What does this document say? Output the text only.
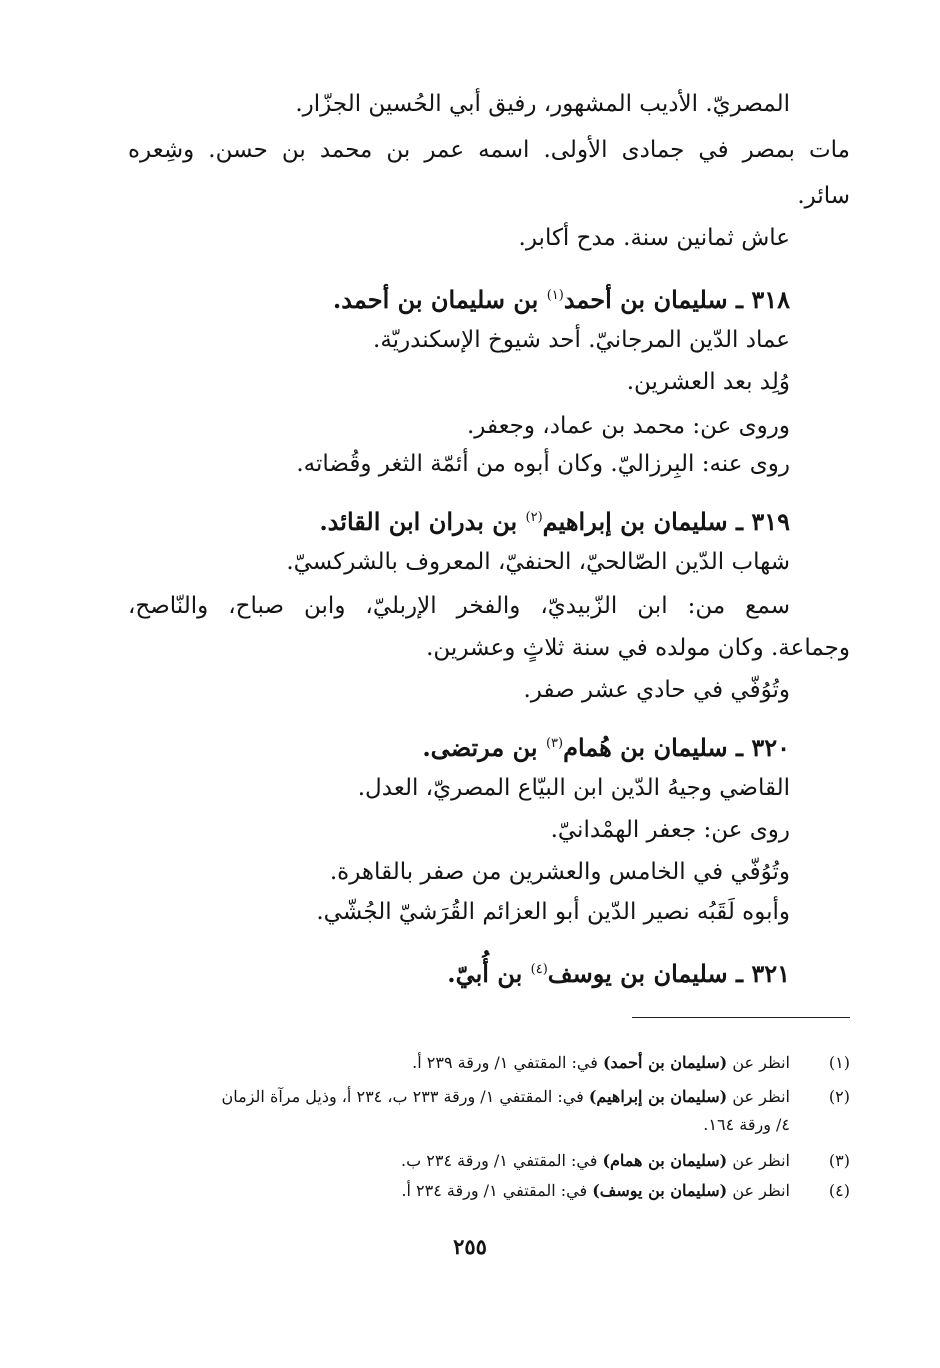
المصريّ. الأديب المشهور، رفيق أبي الحُسين الجزّار.

مات بمصر في جمادى الأولى. اسمه عمر بن محمد بن حسن. وشِعره

سائر.

عاش ثمانين سنة. مدح أكابر.

٣١٨ ـ سليمان بن أحمد$^{(١)}$ بن سليمان بن أحمد.

عماد الدّين المرجانيّ. أحد شيوخ الإسكندريّة.

وُلِد بعد العشرين.

وروى عن: محمد بن عماد، وجعفر.

روى عنه: البِرزاليّ. وكان أبوه من أئمّة الثغر وقُضاته.

٣١٩ ـ سليمان بن إبراهيم$^{(٢)}$ بن بدران ابن القائد.

شهاب الدّين الصّالحيّ، الحنفيّ، المعروف بالشركسيّ.

سمع من: ابن الزّبيديّ، والفخر الإربليّ، وابن صباح، والنّاصح،

وجماعة. وكان مولده في سنة ثلاثٍ وعشرين.

وتُوُفّي في حادي عشر صفر.

٣٢٠ ـ سليمان بن هُمام$^{(٣)}$ بن مرتضى.

القاضي وجيهُ الدّين ابن البيّاع المصريّ، العدل.

روى عن: جعفر الهمْدانيّ.

وتُوُفّي في الخامس والعشرين من صفر بالقاهرة.

وأبوه لَقَبُه نصير الدّين أبو العزائم القُرَشيّ الجُشّي.

٣٢١ ـ سليمان بن يوسف$^{(٤)}$ بن أُبيّ.

(١)

انظر عن (سليمان بن أحمد) في: المقتفي ١/ ورقة ٢٣٩ أ.

(٢)

انظر عن (سليمان بن إبراهيم) في: المقتفي ١/ ورقة ٢٣٣ ب، ٢٣٤ أ، وذيل مرآة الزمان

٤/ ورقة ١٦٤.

(٣)

انظر عن (سليمان بن همام) في: المقتفي ١/ ورقة ٢٣٤ ب.

(٤)

انظر عن (سليمان بن يوسف) في: المقتفي ١/ ورقة ٢٣٤ أ.

٢٥٥
